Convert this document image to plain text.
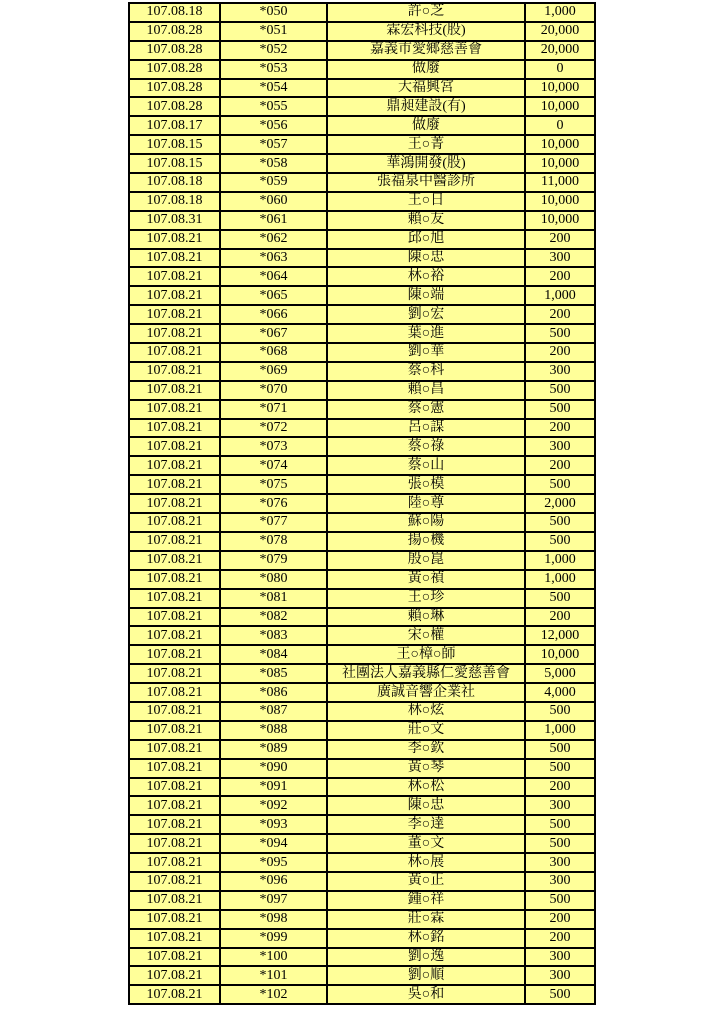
107.08.18	*050	許○芝	1,000
107.08.28	*051	霖宏科技(股)	20,000
107.08.28	*052	嘉義市愛鄉慈善會	20,000
107.08.28	*053	做廢	0
107.08.28	*054	大福興宮	10,000
107.08.28	*055	鼎昶建設(有)	10,000
107.08.17	*056	做廢	0
107.08.15	*057	王○菁	10,000
107.08.15	*058	華鴻開發(股)	10,000
107.08.18	*059	張福泉中醫診所	11,000
107.08.18	*060	王○日	10,000
107.08.31	*061	賴○友	10,000
107.08.21	*062	邱○旭	200
107.08.21	*063	陳○忠	300
107.08.21	*064	林○裕	200
107.08.21	*065	陳○端	1,000
107.08.21	*066	劉○宏	200
107.08.21	*067	葉○進	500
107.08.21	*068	劉○華	200
107.08.21	*069	蔡○科	300
107.08.21	*070	賴○昌	500
107.08.21	*071	蔡○憲	500
107.08.21	*072	呂○謀	200
107.08.21	*073	蔡○祿	300
107.08.21	*074	蔡○山	200
107.08.21	*075	張○模	500
107.08.21	*076	陸○尊	2,000
107.08.21	*077	蘇○陽	500
107.08.21	*078	揚○機	500
107.08.21	*079	殷○崑	1,000
107.08.21	*080	黃○禎	1,000
107.08.21	*081	王○珍	500
107.08.21	*082	賴○琳	200
107.08.21	*083	宋○權	12,000
107.08.21	*084	王○樟○師	10,000
107.08.21	*085	社團法人嘉義縣仁愛慈善會	5,000
107.08.21	*086	廣誠音響企業社	4,000
107.08.21	*087	林○炫	500
107.08.21	*088	莊○文	1,000
107.08.21	*089	李○欽	500
107.08.21	*090	黃○琴	500
107.08.21	*091	林○松	200
107.08.21	*092	陳○忠	300
107.08.21	*093	李○達	500
107.08.21	*094	董○文	500
107.08.21	*095	林○展	300
107.08.21	*096	黃○正	300
107.08.21	*097	鍾○祥	500
107.08.21	*098	莊○霖	200
107.08.21	*099	林○銘	200
107.08.21	*100	劉○逸	300
107.08.21	*101	劉○順	300
107.08.21	*102	吳○和	500
